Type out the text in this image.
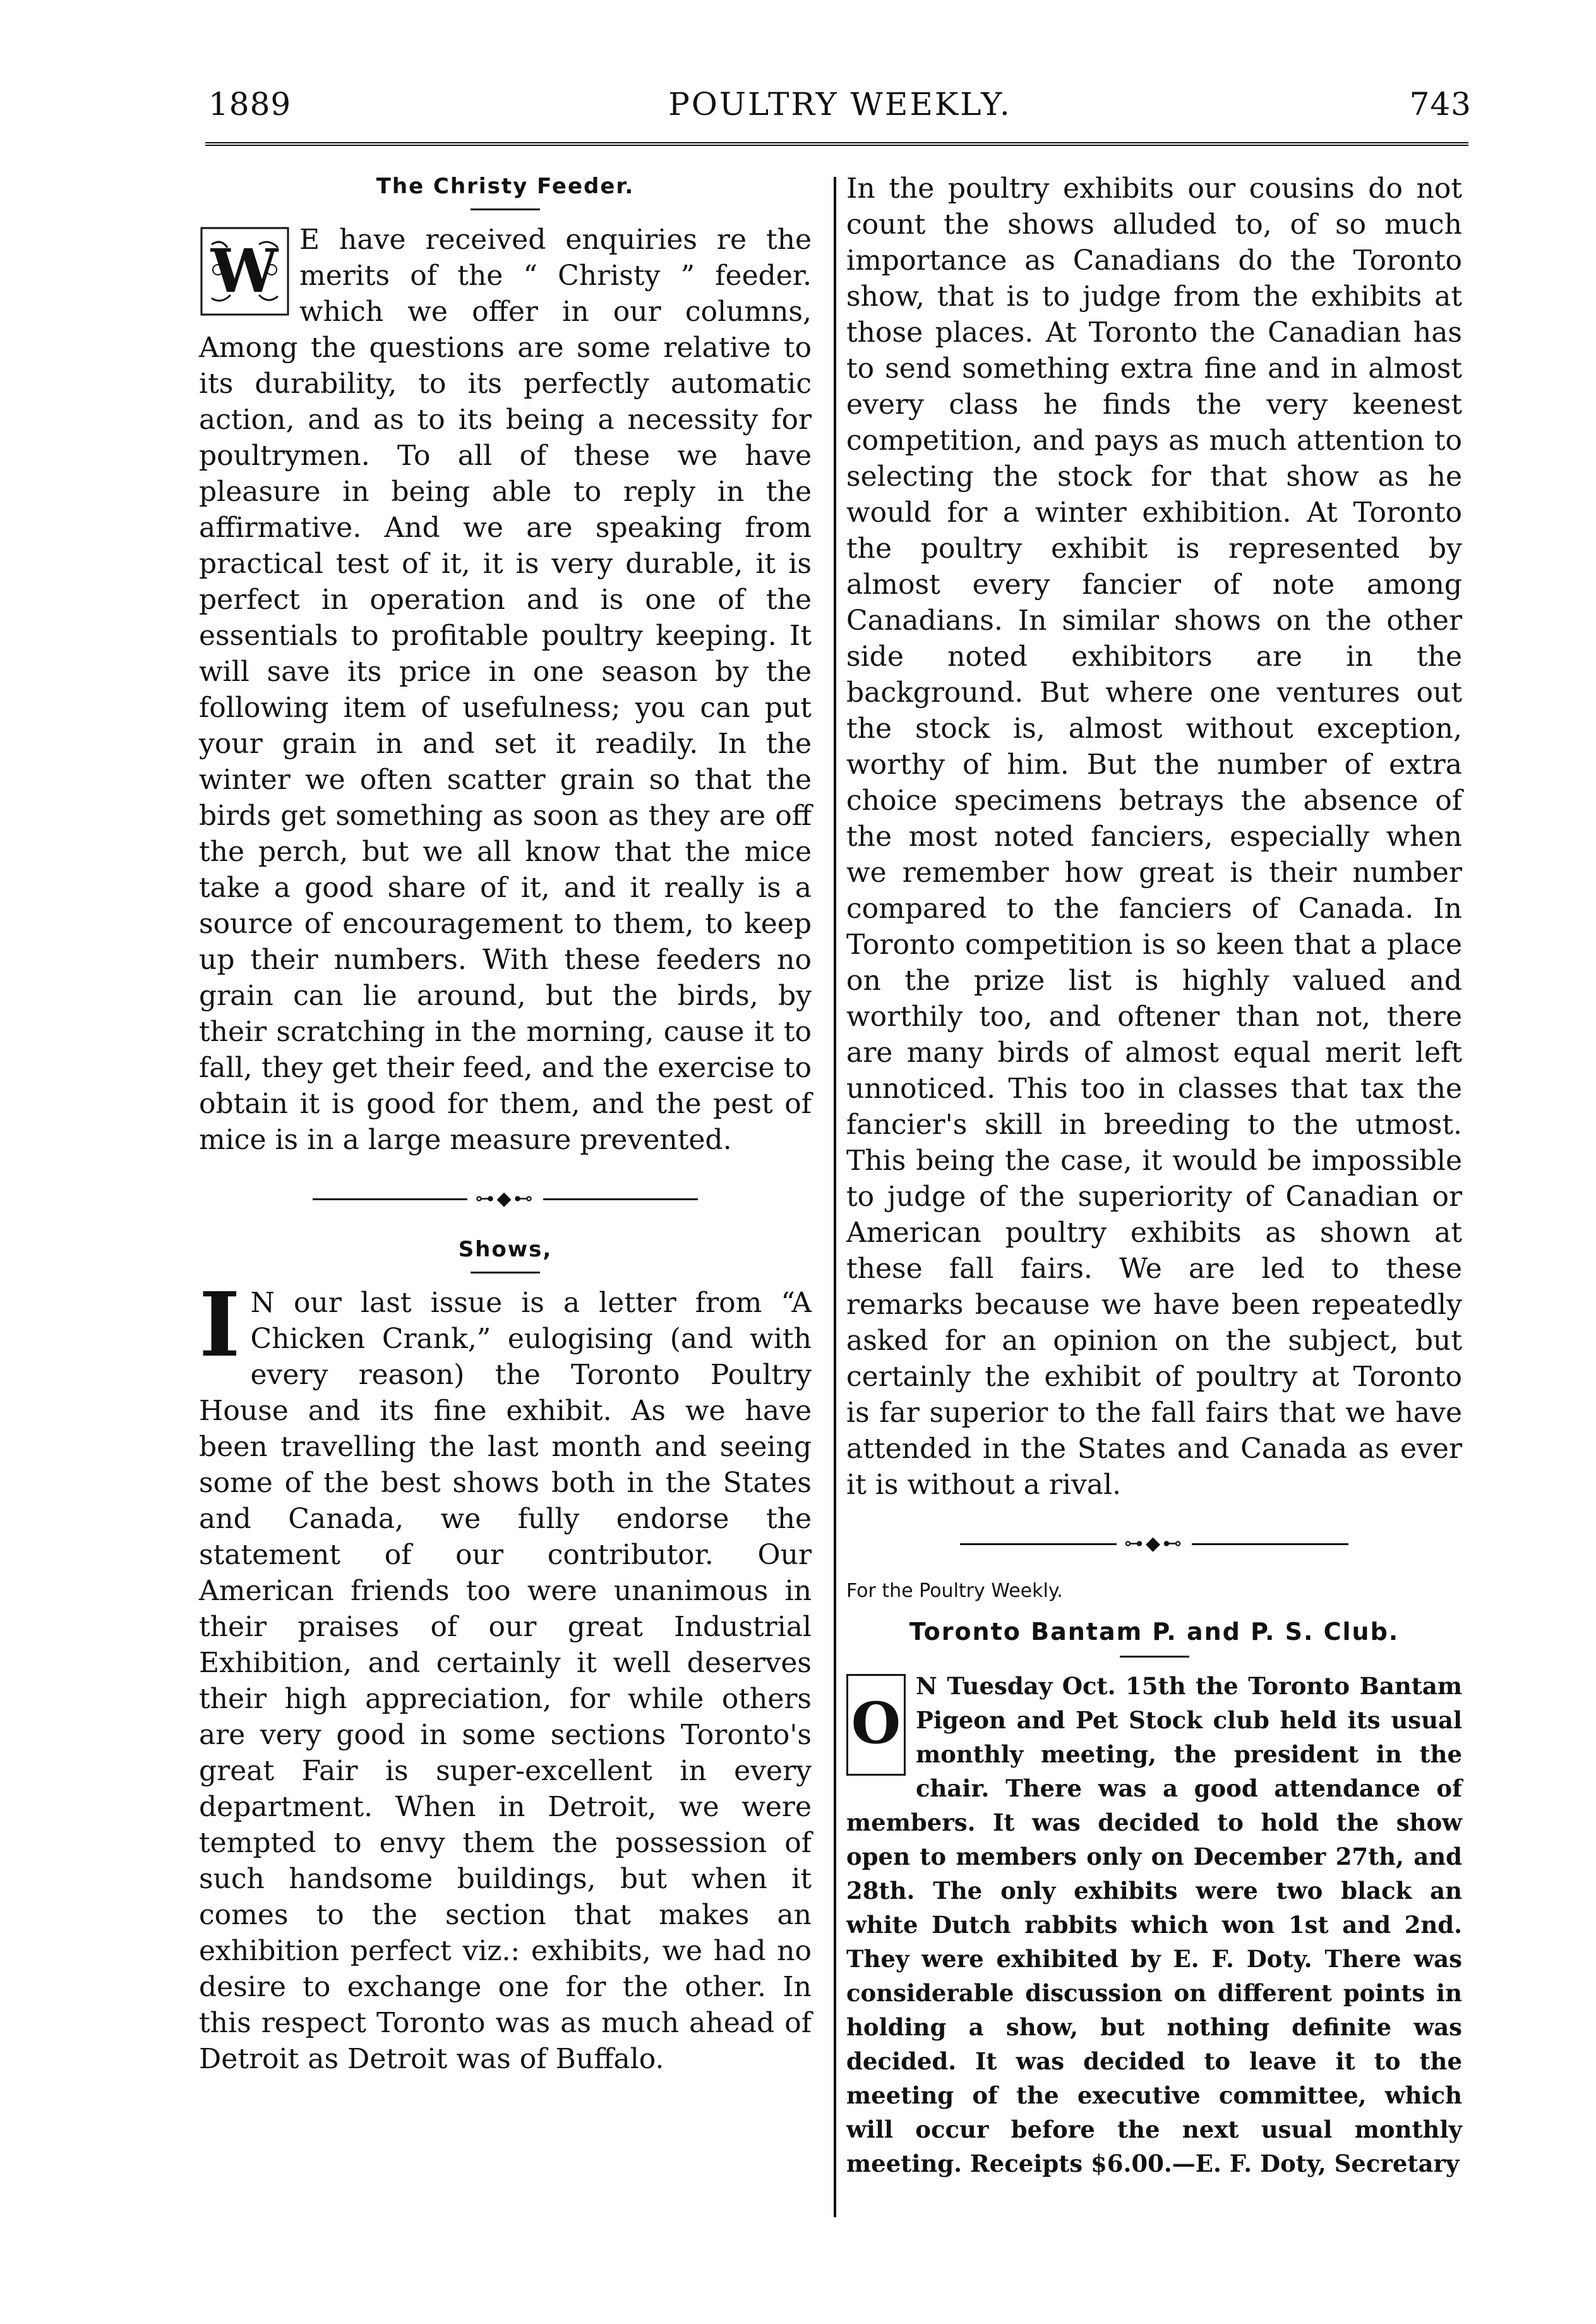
POULTRY WEEKLY.
1889	743
The Christy Feeder.
W E have received enquiries re the merits of the “ Christy ” feeder. which we offer in our columns, Among the questions are some relative to its durability, to its perfectly automatic action, and as to its being a necessity for poultrymen. To all of these we have pleasure in being able to reply in the affirmative. And we are speaking from practical test of it, it is very durable, it is perfect in operation and is one of the essentials to profitable poultry keeping. It will save its price in one season by the following item of usefulness; you can put your grain in and set it readily. In the winter we often scatter grain so that the birds get something as soon as they are off the perch, but we all know that the mice take a good share of it, and it really is a source of encouragement to them, to keep up their numbers. With these feeders no grain can lie around, but the birds, by their scratching in the morning, cause it to fall, they get their feed, and the exercise to obtain it is good for them, and the pest of mice is in a large measure prevented.

⊶◆⊷
Shows,
I N our last issue is a letter from “A Chicken Crank,” eulogising (and with every reason) the Toronto Poultry House and its fine exhibit. As we have been travelling the last month and seeing some of the best shows both in the States and Canada, we fully endorse the statement of our contributor. Our American friends too were unanimous in their praises of our great Industrial Exhibition, and certainly it well deserves their high appreciation, for while others are very good in some sections Toronto's great Fair is super-excellent in every department. When in Detroit, we were tempted to envy them the possession of such handsome buildings, but when it comes to the section that makes an exhibition perfect viz.: exhibits, we had no desire to exchange one for the other. In this respect Toronto was as much ahead of Detroit as Detroit was of Buffalo.

In the poultry exhibits our cousins do not count the shows alluded to, of so much importance as Canadians do the Toronto show, that is to judge from the exhibits at those places. At Toronto the Canadian has to send something extra fine and in almost every class he finds the very keenest competition, and pays as much attention to selecting the stock for that show as he would for a winter exhibition. At Toronto the poultry exhibit is represented by almost every fancier of note among Canadians. In similar shows on the other side noted exhibitors are in the background. But where one ventures out the stock is, almost without exception, worthy of him. But the number of extra choice specimens betrays the absence of the most noted fanciers, especially when we remember how great is their number compared to the fanciers of Canada. In Toronto competition is so keen that a place on the prize list is highly valued and worthily too, and oftener than not, there are many birds of almost equal merit left unnoticed. This too in classes that tax the fancier's skill in breeding to the utmost. This being the case, it would be impossible to judge of the superiority of Canadian or American poultry exhibits as shown at these fall fairs. We are led to these remarks because we have been repeatedly asked for an opinion on the subject, but certainly the exhibit of poultry at Toronto is far superior to the fall fairs that we have attended in the States and Canada as ever it is without a rival.

⊶◆⊷
For the Poultry Weekly.
Toronto Bantam P. and P. S. Club.
O

N Tuesday Oct. 15th the Toronto Bantam Pigeon and Pet Stock club held its usual monthly meeting, the president in the chair. There was a good attendance of members. It was decided to hold the show open to members only on December 27th, and 28th. The only exhibits were two black an white Dutch rabbits which won 1st and 2nd. They were exhibited by E. F. Doty. There was considerable discussion on different points in holding a show, but nothing definite was decided. It was decided to leave it to the meeting of the executive committee, which will occur before the next usual monthly meeting. Receipts $6.00.—E. F. Doty, Secretary
